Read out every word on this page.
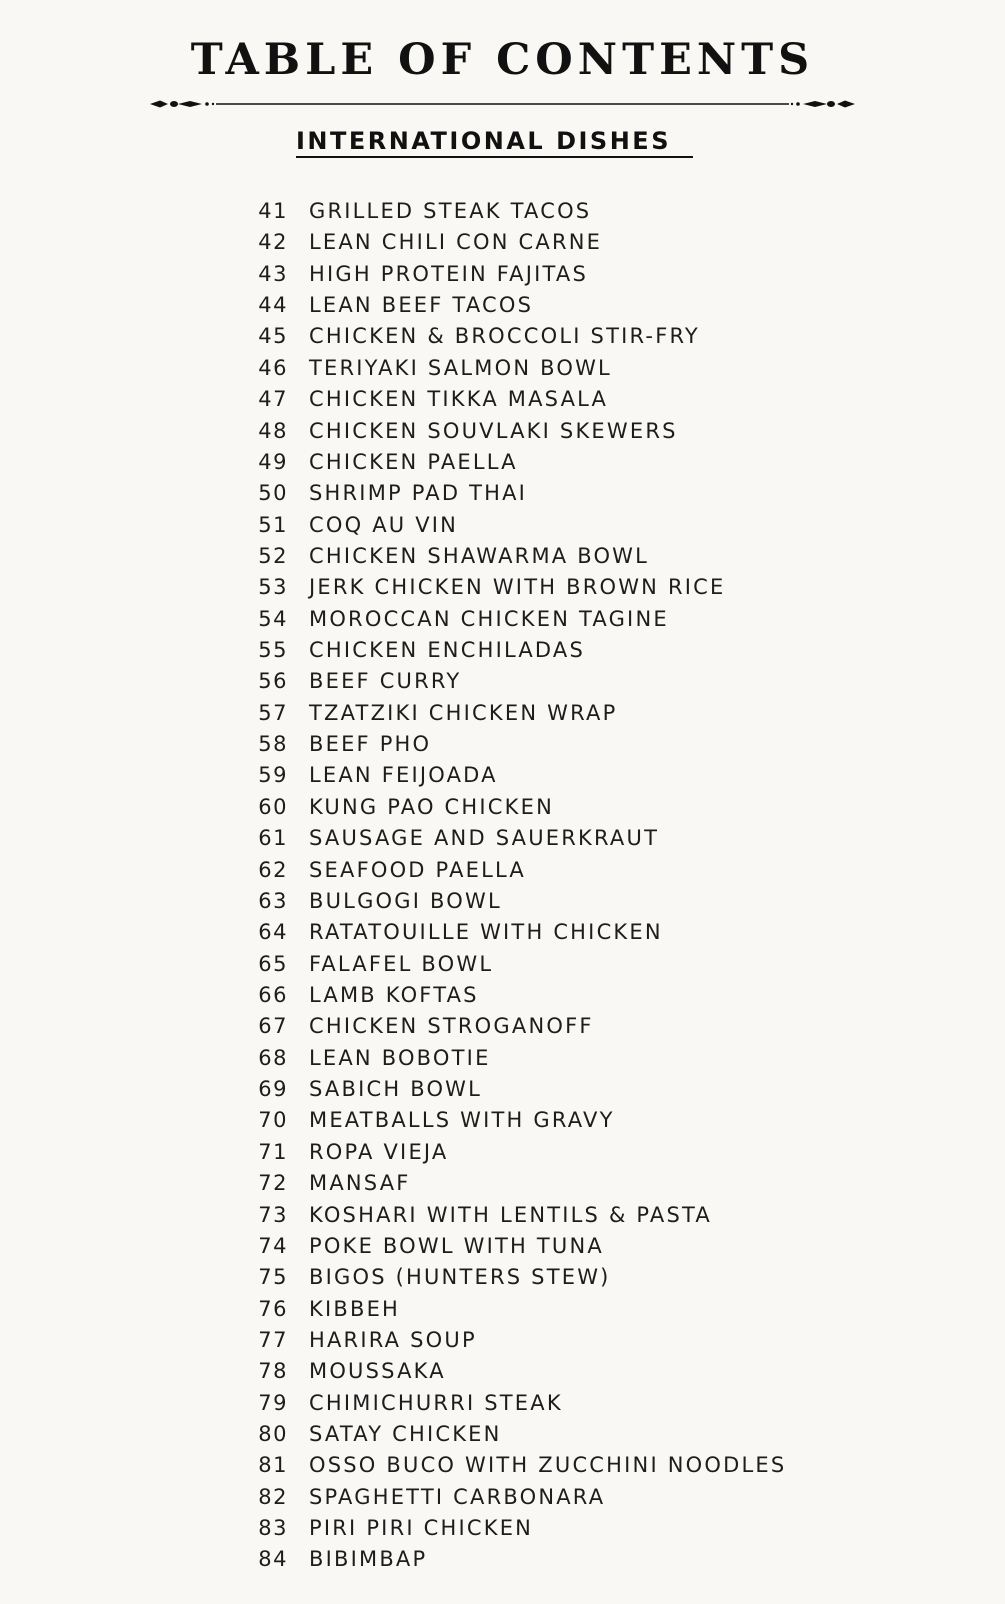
TABLE OF CONTENTS
INTERNATIONAL DISHES
41 GRILLED STEAK TACOS
42 LEAN CHILI CON CARNE
43 HIGH PROTEIN FAJITAS
44 LEAN BEEF TACOS
45 CHICKEN & BROCCOLI STIR-FRY
46 TERIYAKI SALMON BOWL
47 CHICKEN TIKKA MASALA
48 CHICKEN SOUVLAKI SKEWERS
49 CHICKEN PAELLA
50 SHRIMP PAD THAI
51 COQ AU VIN
52 CHICKEN SHAWARMA BOWL
53 JERK CHICKEN WITH BROWN RICE
54 MOROCCAN CHICKEN TAGINE
55 CHICKEN ENCHILADAS
56 BEEF CURRY
57 TZATZIKI CHICKEN WRAP
58 BEEF PHO
59 LEAN FEIJOADA
60 KUNG PAO CHICKEN
61 SAUSAGE AND SAUERKRAUT
62 SEAFOOD PAELLA
63 BULGOGI BOWL
64 RATATOUILLE WITH CHICKEN
65 FALAFEL BOWL
66 LAMB KOFTAS
67 CHICKEN STROGANOFF
68 LEAN BOBOTIE
69 SABICH BOWL
70 MEATBALLS WITH GRAVY
71 ROPA VIEJA
72 MANSAF
73 KOSHARI WITH LENTILS & PASTA
74 POKE BOWL WITH TUNA
75 BIGOS (HUNTERS STEW)
76 KIBBEH
77 HARIRA SOUP
78 MOUSSAKA
79 CHIMICHURRI STEAK
80 SATAY CHICKEN
81 OSSO BUCO WITH ZUCCHINI NOODLES
82 SPAGHETTI CARBONARA
83 PIRI PIRI CHICKEN
84 BIBIMBAP
